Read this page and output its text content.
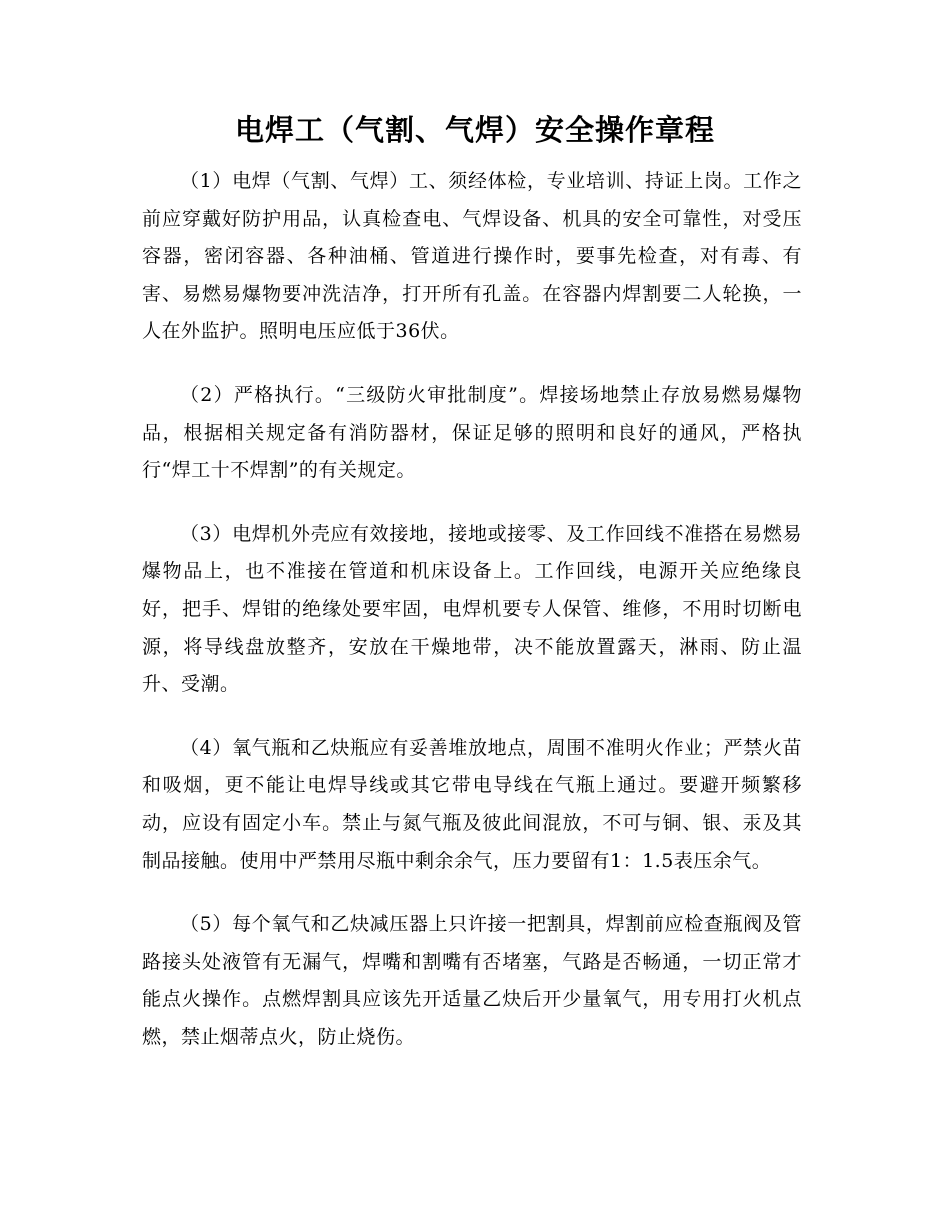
电焊工（气割、气焊）安全操作章程

（1）电焊（气割、气焊）工、须经体检，专业培训、持证上岗。工作之前应穿戴好防护用品，认真检查电、气焊设备、机具的安全可靠性，对受压容器，密闭容器、各种油桶、管道进行操作时，要事先检查，对有毒、有害、易燃易爆物要冲洗洁净，打开所有孔盖。在容器内焊割要二人轮换，一人在外监护。照明电压应低于36伏。

（2）严格执行。“三级防火审批制度”。焊接场地禁止存放易燃易爆物品，根据相关规定备有消防器材，保证足够的照明和良好的通风，严格执行“焊工十不焊割”的有关规定。

（3）电焊机外壳应有效接地，接地或接零、及工作回线不准搭在易燃易爆物品上，也不准接在管道和机床设备上。工作回线，电源开关应绝缘良好，把手、焊钳的绝缘处要牢固，电焊机要专人保管、维修，不用时切断电源，将导线盘放整齐，安放在干燥地带，决不能放置露天，淋雨、防止温升、受潮。

（4）氧气瓶和乙炔瓶应有妥善堆放地点，周围不准明火作业；严禁火苗和吸烟，更不能让电焊导线或其它带电导线在气瓶上通过。要避开频繁移动，应设有固定小车。禁止与氮气瓶及彼此间混放，不可与铜、银、汞及其制品接触。使用中严禁用尽瓶中剩余余气，压力要留有1：1.5表压余气。

（5）每个氧气和乙炔减压器上只许接一把割具，焊割前应检查瓶阀及管路接头处液管有无漏气，焊嘴和割嘴有否堵塞，气路是否畅通，一切正常才能点火操作。点燃焊割具应该先开适量乙炔后开少量氧气，用专用打火机点燃，禁止烟蒂点火，防止烧伤。
